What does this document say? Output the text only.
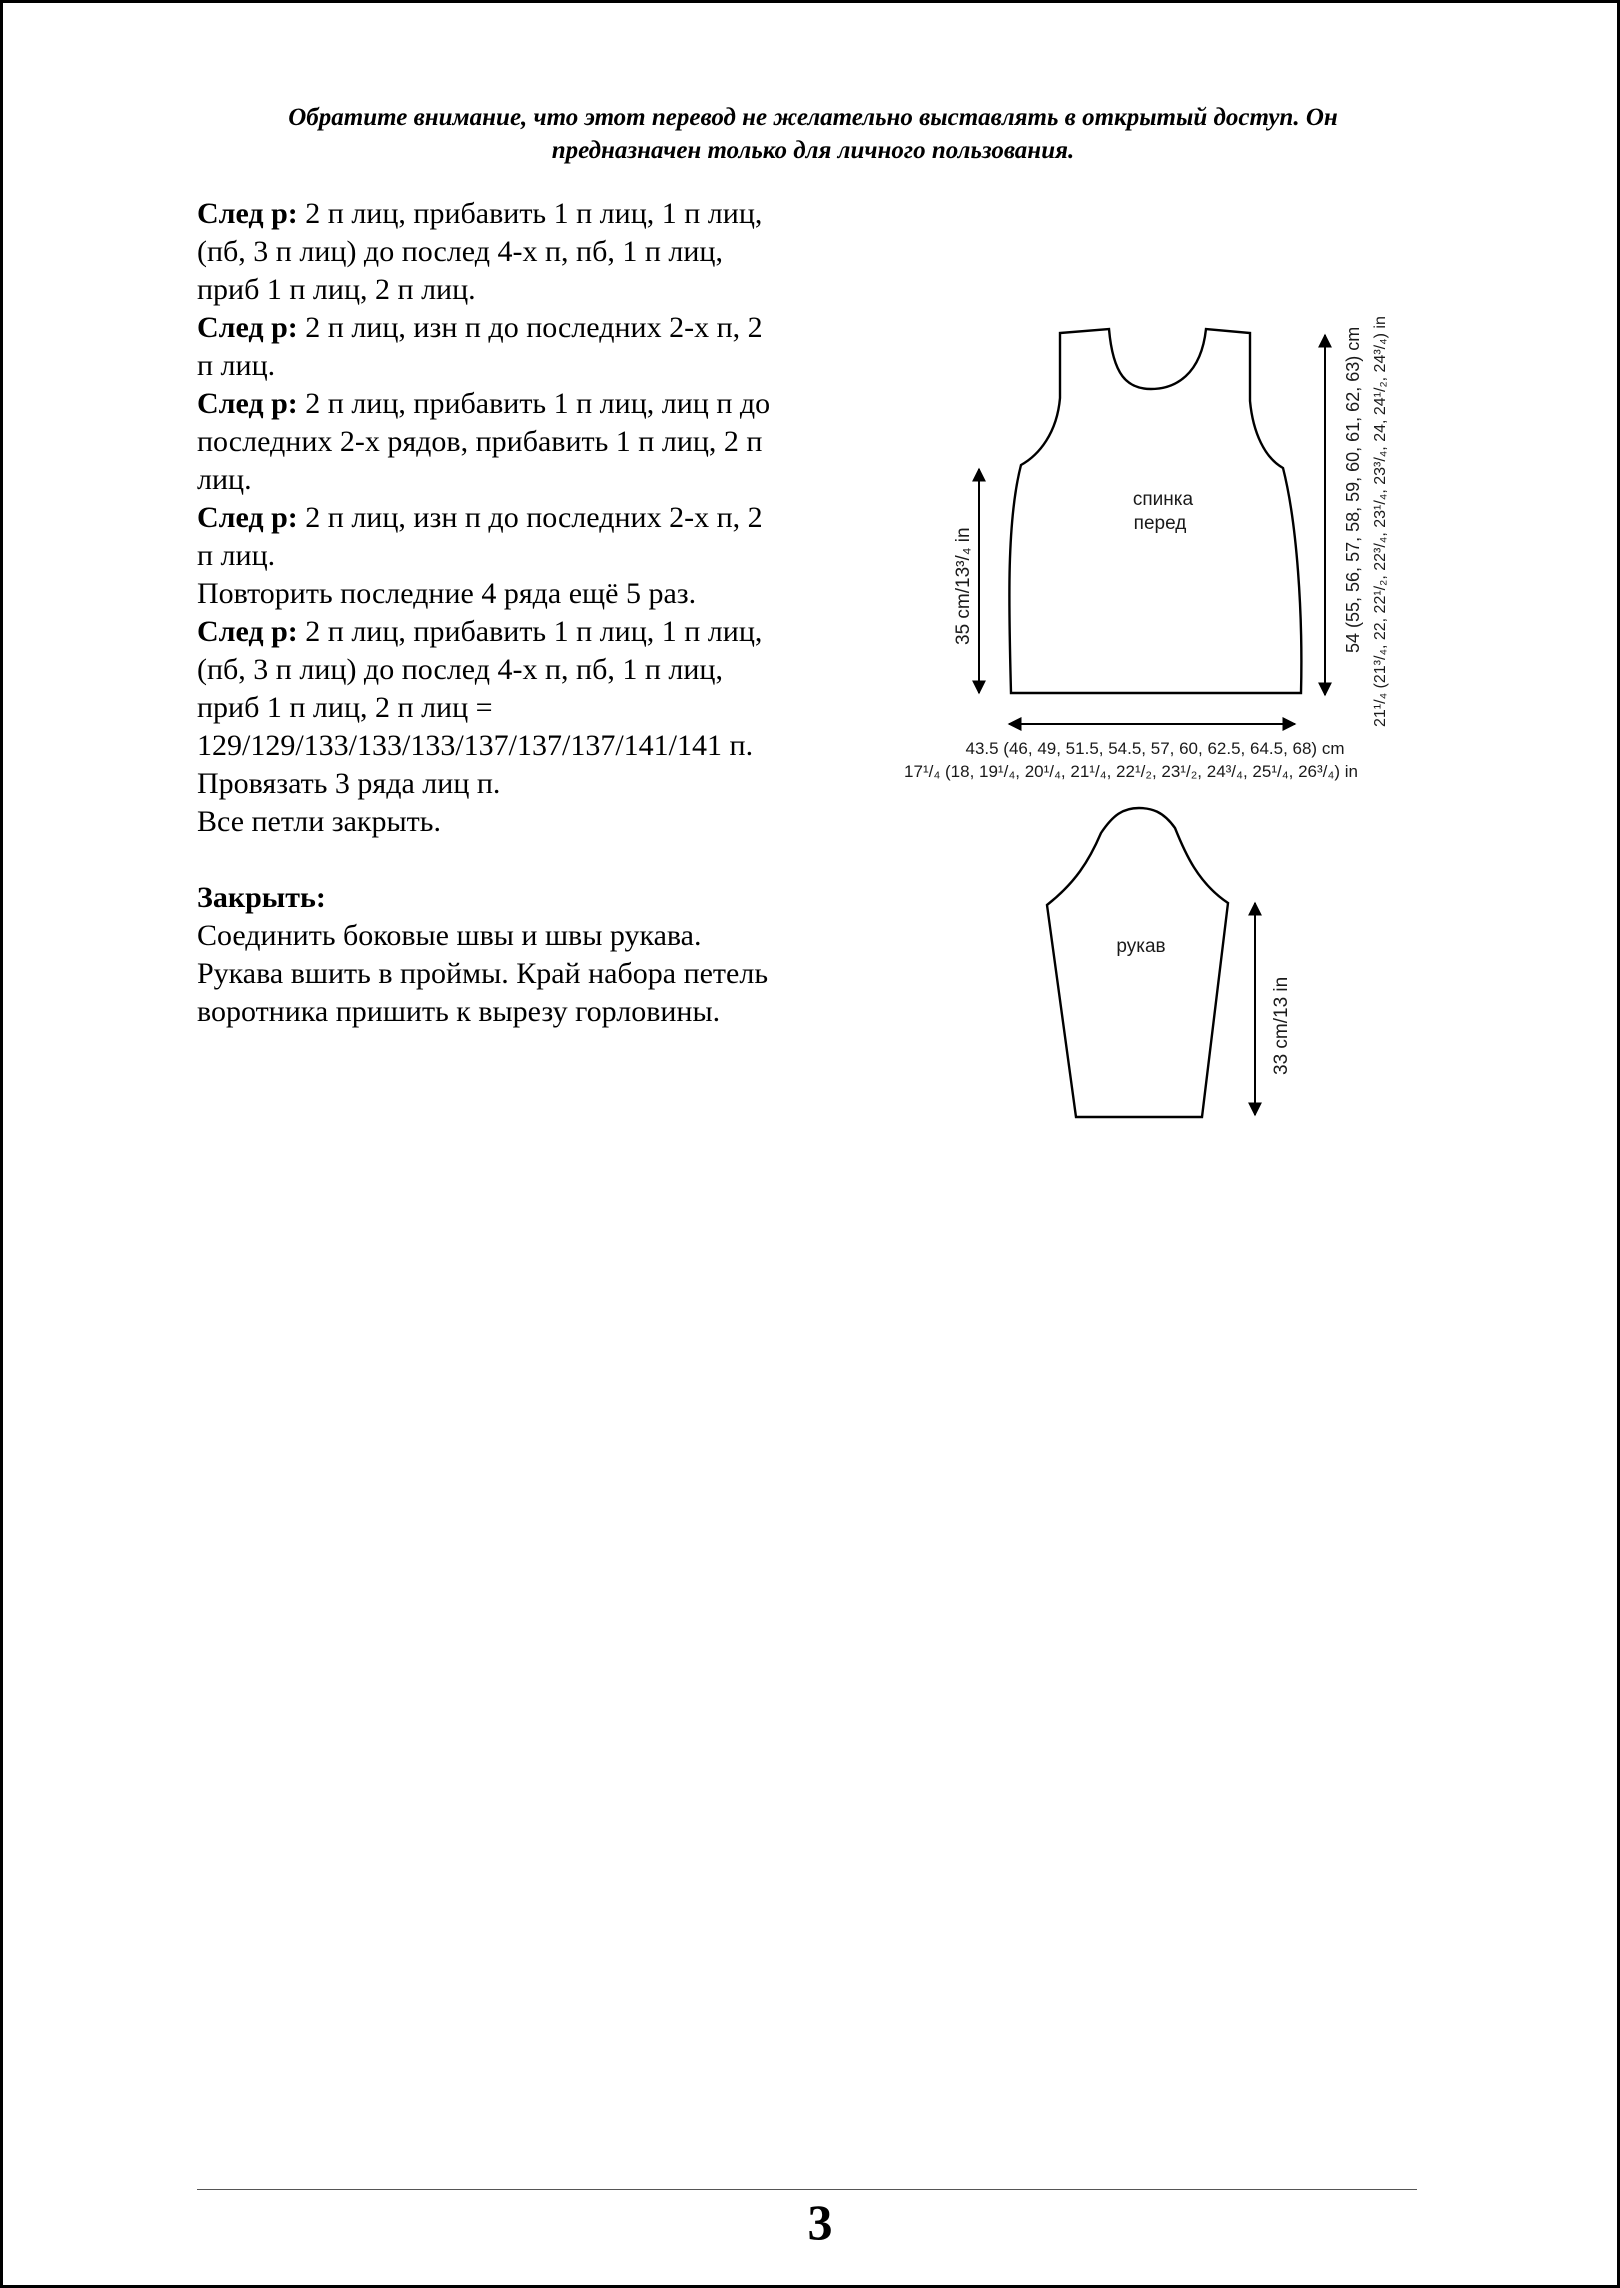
Обратите внимание, что этот перевод не желательно выставлять в открытый доступ. Он предназначен только для личного пользования.

След р: 2 п лиц, прибавить 1 п лиц, 1 п лиц, (пб, 3 п лиц) до послед 4-х п, пб, 1 п лиц, приб 1 п лиц, 2 п лиц.

След р: 2 п лиц, изн п до последних 2-х п, 2 п лиц.

След р: 2 п лиц, прибавить 1 п лиц, лиц п до последних 2-х рядов, прибавить 1 п лиц, 2 п лиц.

След р: 2 п лиц, изн п до последних 2-х п, 2 п лиц.

Повторить последние 4 ряда ещё 5 раз.

След р: 2 п лиц, прибавить 1 п лиц, 1 п лиц, (пб, 3 п лиц) до послед 4-х п, пб, 1 п лиц, приб 1 п лиц, 2 п лиц = 129/129/133/133/133/137/137/137/141/141 п.

Провязать 3 ряда лиц п.

Все петли закрыть.

Закрыть:

Соединить боковые швы и швы рукава. Рукава вшить в проймы. Край набора петель воротника пришить к вырезу горловины.

спинка
перед
35 cm/13³/₄ in	54 (55, 56, 57, 58, 59, 60, 61, 62, 63) cm 21¹/₄ (21³/₄, 22, 22¹/₂, 22³/₄, 23¹/₄, 23³/₄, 24, 24¹/₂, 24³/₄) in
43.5 (46, 49, 51.5, 54.5, 57, 60, 62.5, 64.5, 68) cm
17¹/₄ (18, 19¹/₄, 20¹/₄, 21¹/₄, 22¹/₂, 23¹/₂, 24³/₄, 25¹/₄, 26³/₄) in
рукав
33 cm/13 in
3
